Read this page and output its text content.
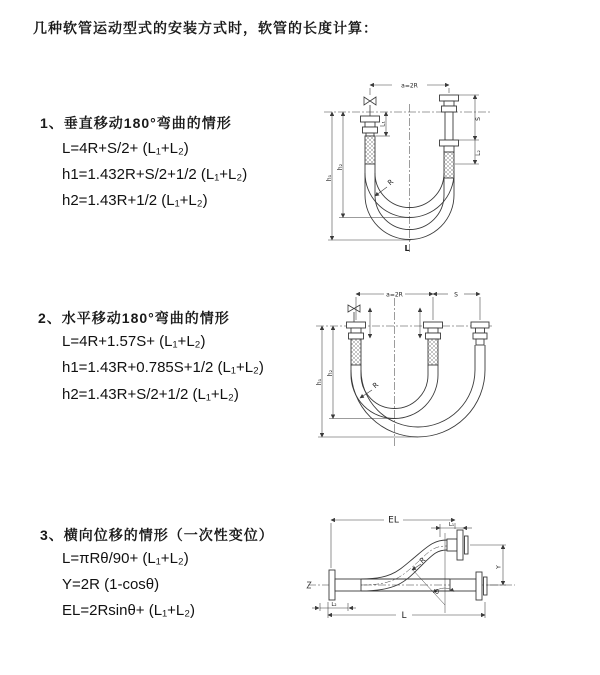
几种软管运动型式的安装方式时，软管的长度计算：
1、垂直移动180°弯曲的情形
L=4R+S/2+ (L₁+L₂)
h1=1.432R+S/2+1/2 (L₁+L₂)
h2=1.43R+1/2 (L₁+L₂)
a=2R
h₁
h₂
L₁
S
L₂
R
L
2、水平移动180°弯曲的情形
L=4R+1.57S+ (L₁+L₂)
h1=1.43R+0.785S+1/2 (L₁+L₂)
h2=1.43R+S/2+1/2 (L₁+L₂)
a=2R	S
h₁
h₂
R
3、横向位移的情形（一次性变位）
L=πRθ/90+ (L₁+L₂)
Y=2R (1-cosθ)
EL=2Rsinθ+ (L₁+L₂)
EL	L₁
Y
L
L₂
R
θ
